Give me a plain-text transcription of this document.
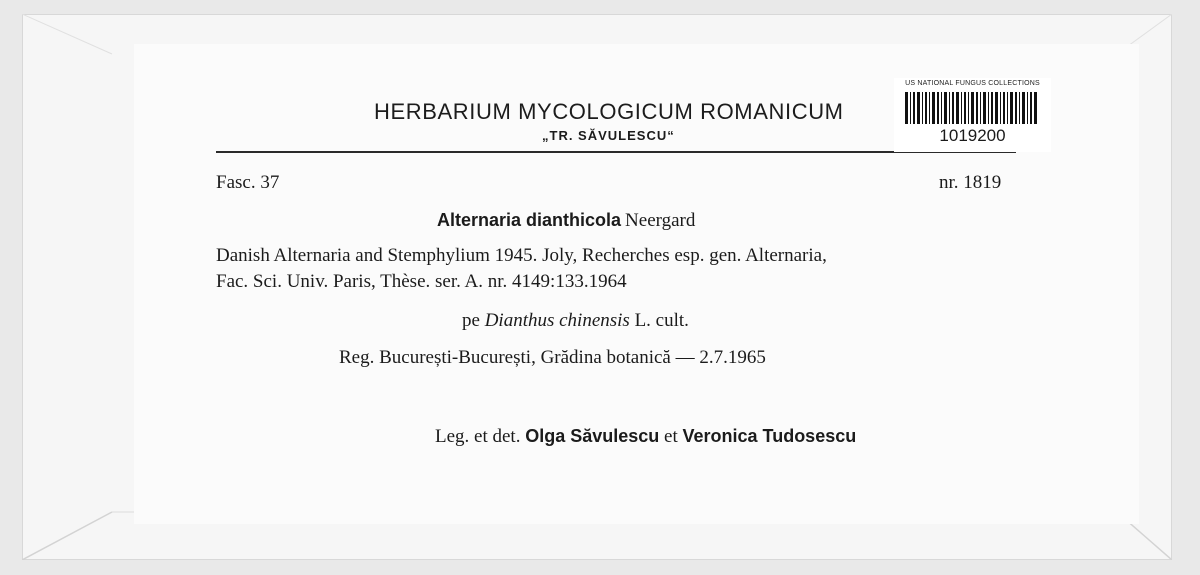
HERBARIUM MYCOLOGICUM ROMANICUM
„TR. SĂVULESCU“
US NATIONAL FUNGUS COLLECTIONS
1019200
Fasc. 37	nr. 1819
Alternaria dianthicola Neergard
Danish Alternaria and Stemphylium 1945. Joly, Recherches esp. gen. Alternaria,
Fac. Sci. Univ. Paris, Thèse. ser. A. nr. 4149:133.1964
pe Dianthus chinensis L. cult.
Reg. București-București, Grădina botanică — 2.7.1965
Leg. et det. Olga Săvulescu et Veronica Tudosescu
